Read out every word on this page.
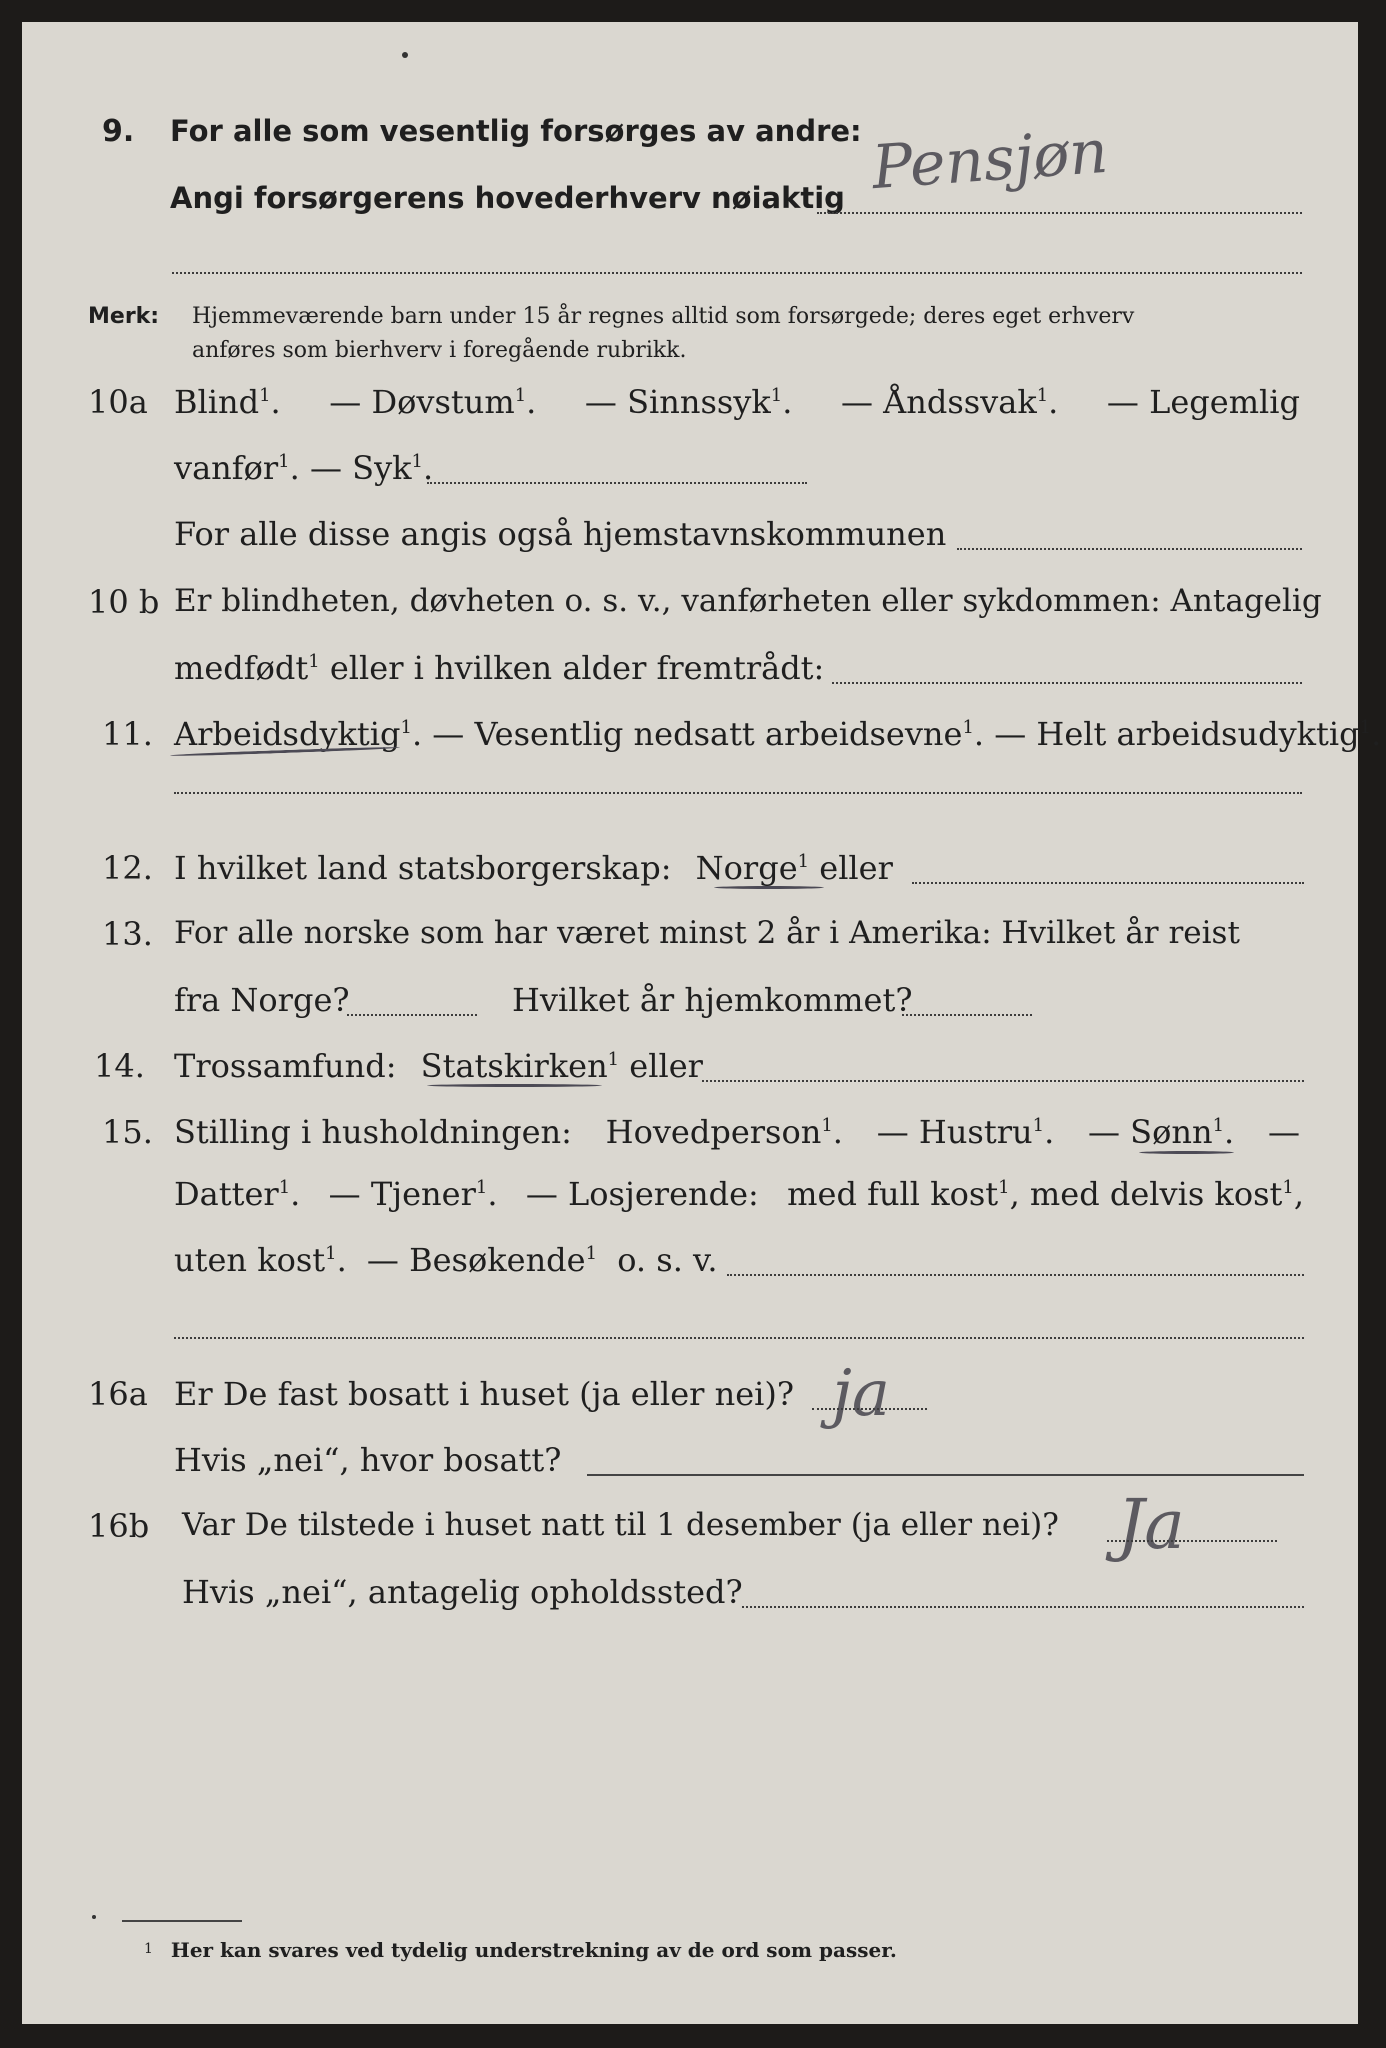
9. For alle som vesentlig forsørges av andre: Pensjøn
Angi forsørgerens hovederhverv nøiaktig
Merk: Hjemmeværende barn under 15 år regnes alltid som forsørgede; deres eget erhverv
anføres som bierhverv i foregående rubrikk.
10a Blind$^1$. — Døvstum$^1$. — Sinnssyk$^1$. — Åndssvak$^1$. — Legemlig
vanfør$^1$. — Syk$^1$.
For alle disse angis også hjemstavnskommunen
10 b Er blindheten, døvheten o. s. v., vanførheten eller sykdommen: Antagelig
medfødt$^1$ eller i hvilken alder fremtrådt:
11. Arbeidsdyktig$^1$. — Vesentlig nedsatt arbeidsevne$^1$. — Helt arbeidsudyktig$^1$.
12. I hvilket land statsborgerskap: Norge$^1$ eller
13. For alle norske som har været minst 2 år i Amerika: Hvilket år reist
fra Norge?	Hvilket år hjemkommet?
14. Trossamfund: Statskirken$^1$ eller
15. Stilling i husholdningen: Hovedperson$^1$. — Hustru$^1$. — Sønn$^1$. —
Datter$^1$. — Tjener$^1$. — Losjerende: med full kost$^1$, med delvis kost$^1$,
uten kost$^1$. — Besøkende$^1$ o. s. v.
16a Er De fast bosatt i huset (ja eller nei)? ja
Hvis „nei“, hvor bosatt?
16b Var De tilstede i huset natt til 1 desember (ja eller nei)? Ja
Hvis „nei“, antagelig opholdssted?
$^1$ Her kan svares ved tydelig understrekning av de ord som passer.
